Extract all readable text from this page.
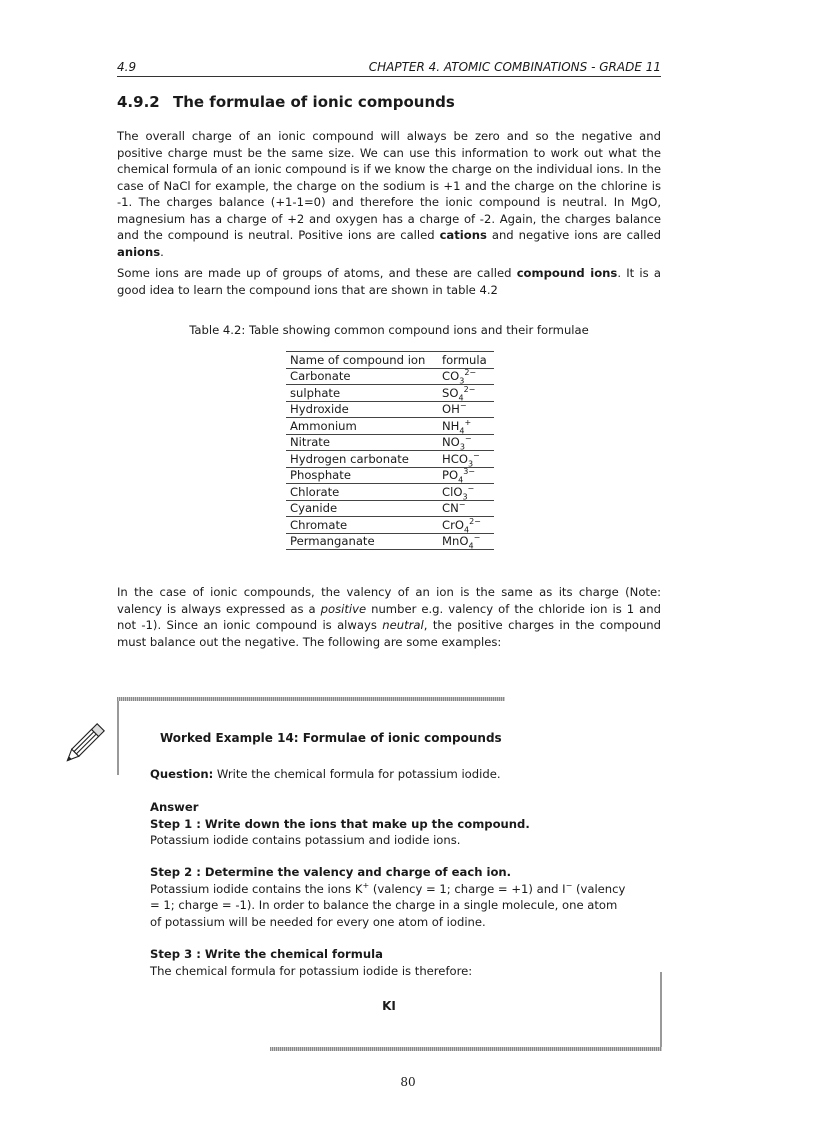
4.9	CHAPTER 4. ATOMIC COMBINATIONS - GRADE 11
4.9.2 The formulae of ionic compounds
The overall charge of an ionic compound will always be zero and so the negative and positive charge must be the same size. We can use this information to work out what the chemical formula of an ionic compound is if we know the charge on the individual ions. In the case of NaCl for example, the charge on the sodium is +1 and the charge on the chlorine is -1. The charges balance (+1-1=0) and therefore the ionic compound is neutral. In MgO, magnesium has a charge of +2 and oxygen has a charge of -2. Again, the charges balance and the compound is neutral. Positive ions are called cations and negative ions are called anions.
Some ions are made up of groups of atoms, and these are called compound ions. It is a good idea to learn the compound ions that are shown in table 4.2
Table 4.2: Table showing common compound ions and their formulae
Name of compound ion	formula
Carbonate	$CO_3^{2-}$
sulphate	$SO_4^{2-}$
Hydroxide	OH−
Ammonium	$NH_4^+$
Nitrate	$NO_3^-$
Hydrogen carbonate	$HCO_3^-$
Phosphate	$PO_4^{3-}$
Chlorate	ClO$_3$−
Cyanide	CN−
Chromate	CrO$_4^{2-}$
Permanganate	MnO$_4$−
In the case of ionic compounds, the valency of an ion is the same as its charge (Note: valency is always expressed as a positive number e.g. valency of the chloride ion is 1 and not -1). Since an ionic compound is always neutral, the positive charges in the compound must balance out the negative. The following are some examples:
Worked Example 14: Formulae of ionic compounds
Question: Write the chemical formula for potassium iodide.
Answer
Step 1 : Write down the ions that make up the compound.
Potassium iodide contains potassium and iodide ions.
Step 2 : Determine the valency and charge of each ion.
Potassium iodide contains the ions K+ (valency = 1; charge = +1) and I− (valency = 1; charge = -1). In order to balance the charge in a single molecule, one atom of potassium will be needed for every one atom of iodine.
Step 3 : Write the chemical formula
The chemical formula for potassium iodide is therefore:
KI
80
